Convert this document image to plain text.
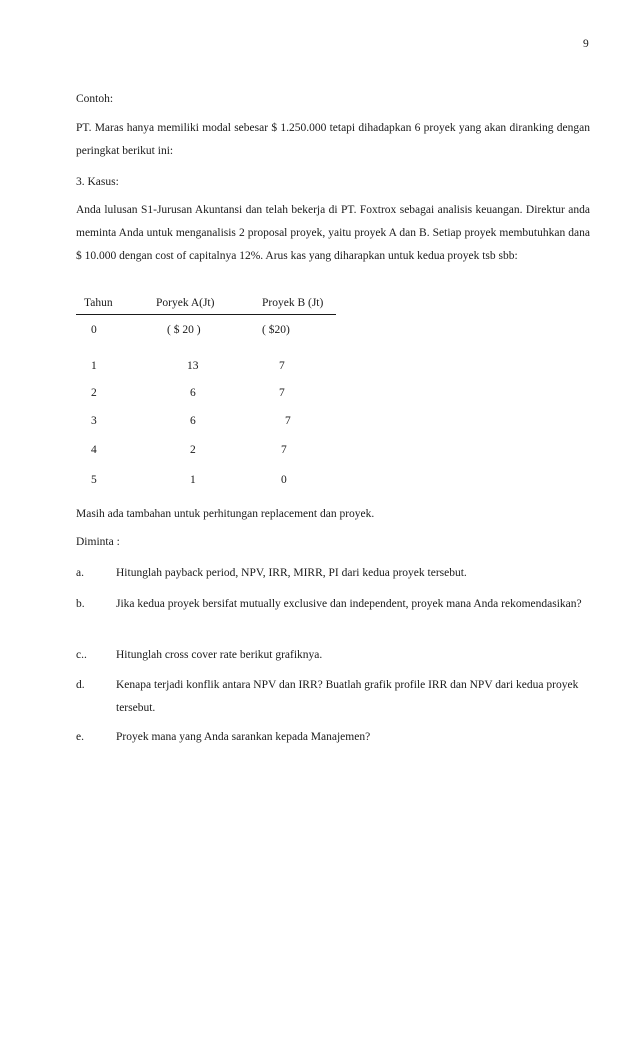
9
Contoh:
PT. Maras hanya memiliki modal sebesar $ 1.250.000 tetapi dihadapkan 6 proyek yang akan diranking dengan peringkat berikut ini:
3. Kasus:
Anda lulusan S1-Jurusan Akuntansi dan telah bekerja di PT. Foxtrox sebagai analisis keuangan. Direktur anda meminta Anda untuk menganalisis 2 proposal proyek, yaitu proyek A dan B. Setiap proyek membutuhkan dana $ 10.000 dengan cost of capitalnya 12%. Arus kas yang diharapkan untuk kedua proyek tsb sbb:
Tahun	Poryek A(Jt)	Proyek B (Jt)
0	( $ 20 )	( $20)
1	13	7
2	6	7
3	6	7
4	2	7
5	1	0
Masih ada tambahan untuk perhitungan replacement dan proyek.
Diminta :
a.	Hitunglah payback period, NPV, IRR, MIRR, PI dari kedua proyek tersebut.
b.	Jika kedua proyek bersifat mutually exclusive dan independent, proyek mana Anda rekomendasikan?
c..	Hitunglah cross cover rate berikut grafiknya.
d.	Kenapa terjadi konflik antara NPV dan IRR? Buatlah grafik profile IRR dan NPV dari kedua proyek tersebut.
e.	Proyek mana yang Anda sarankan kepada Manajemen?
